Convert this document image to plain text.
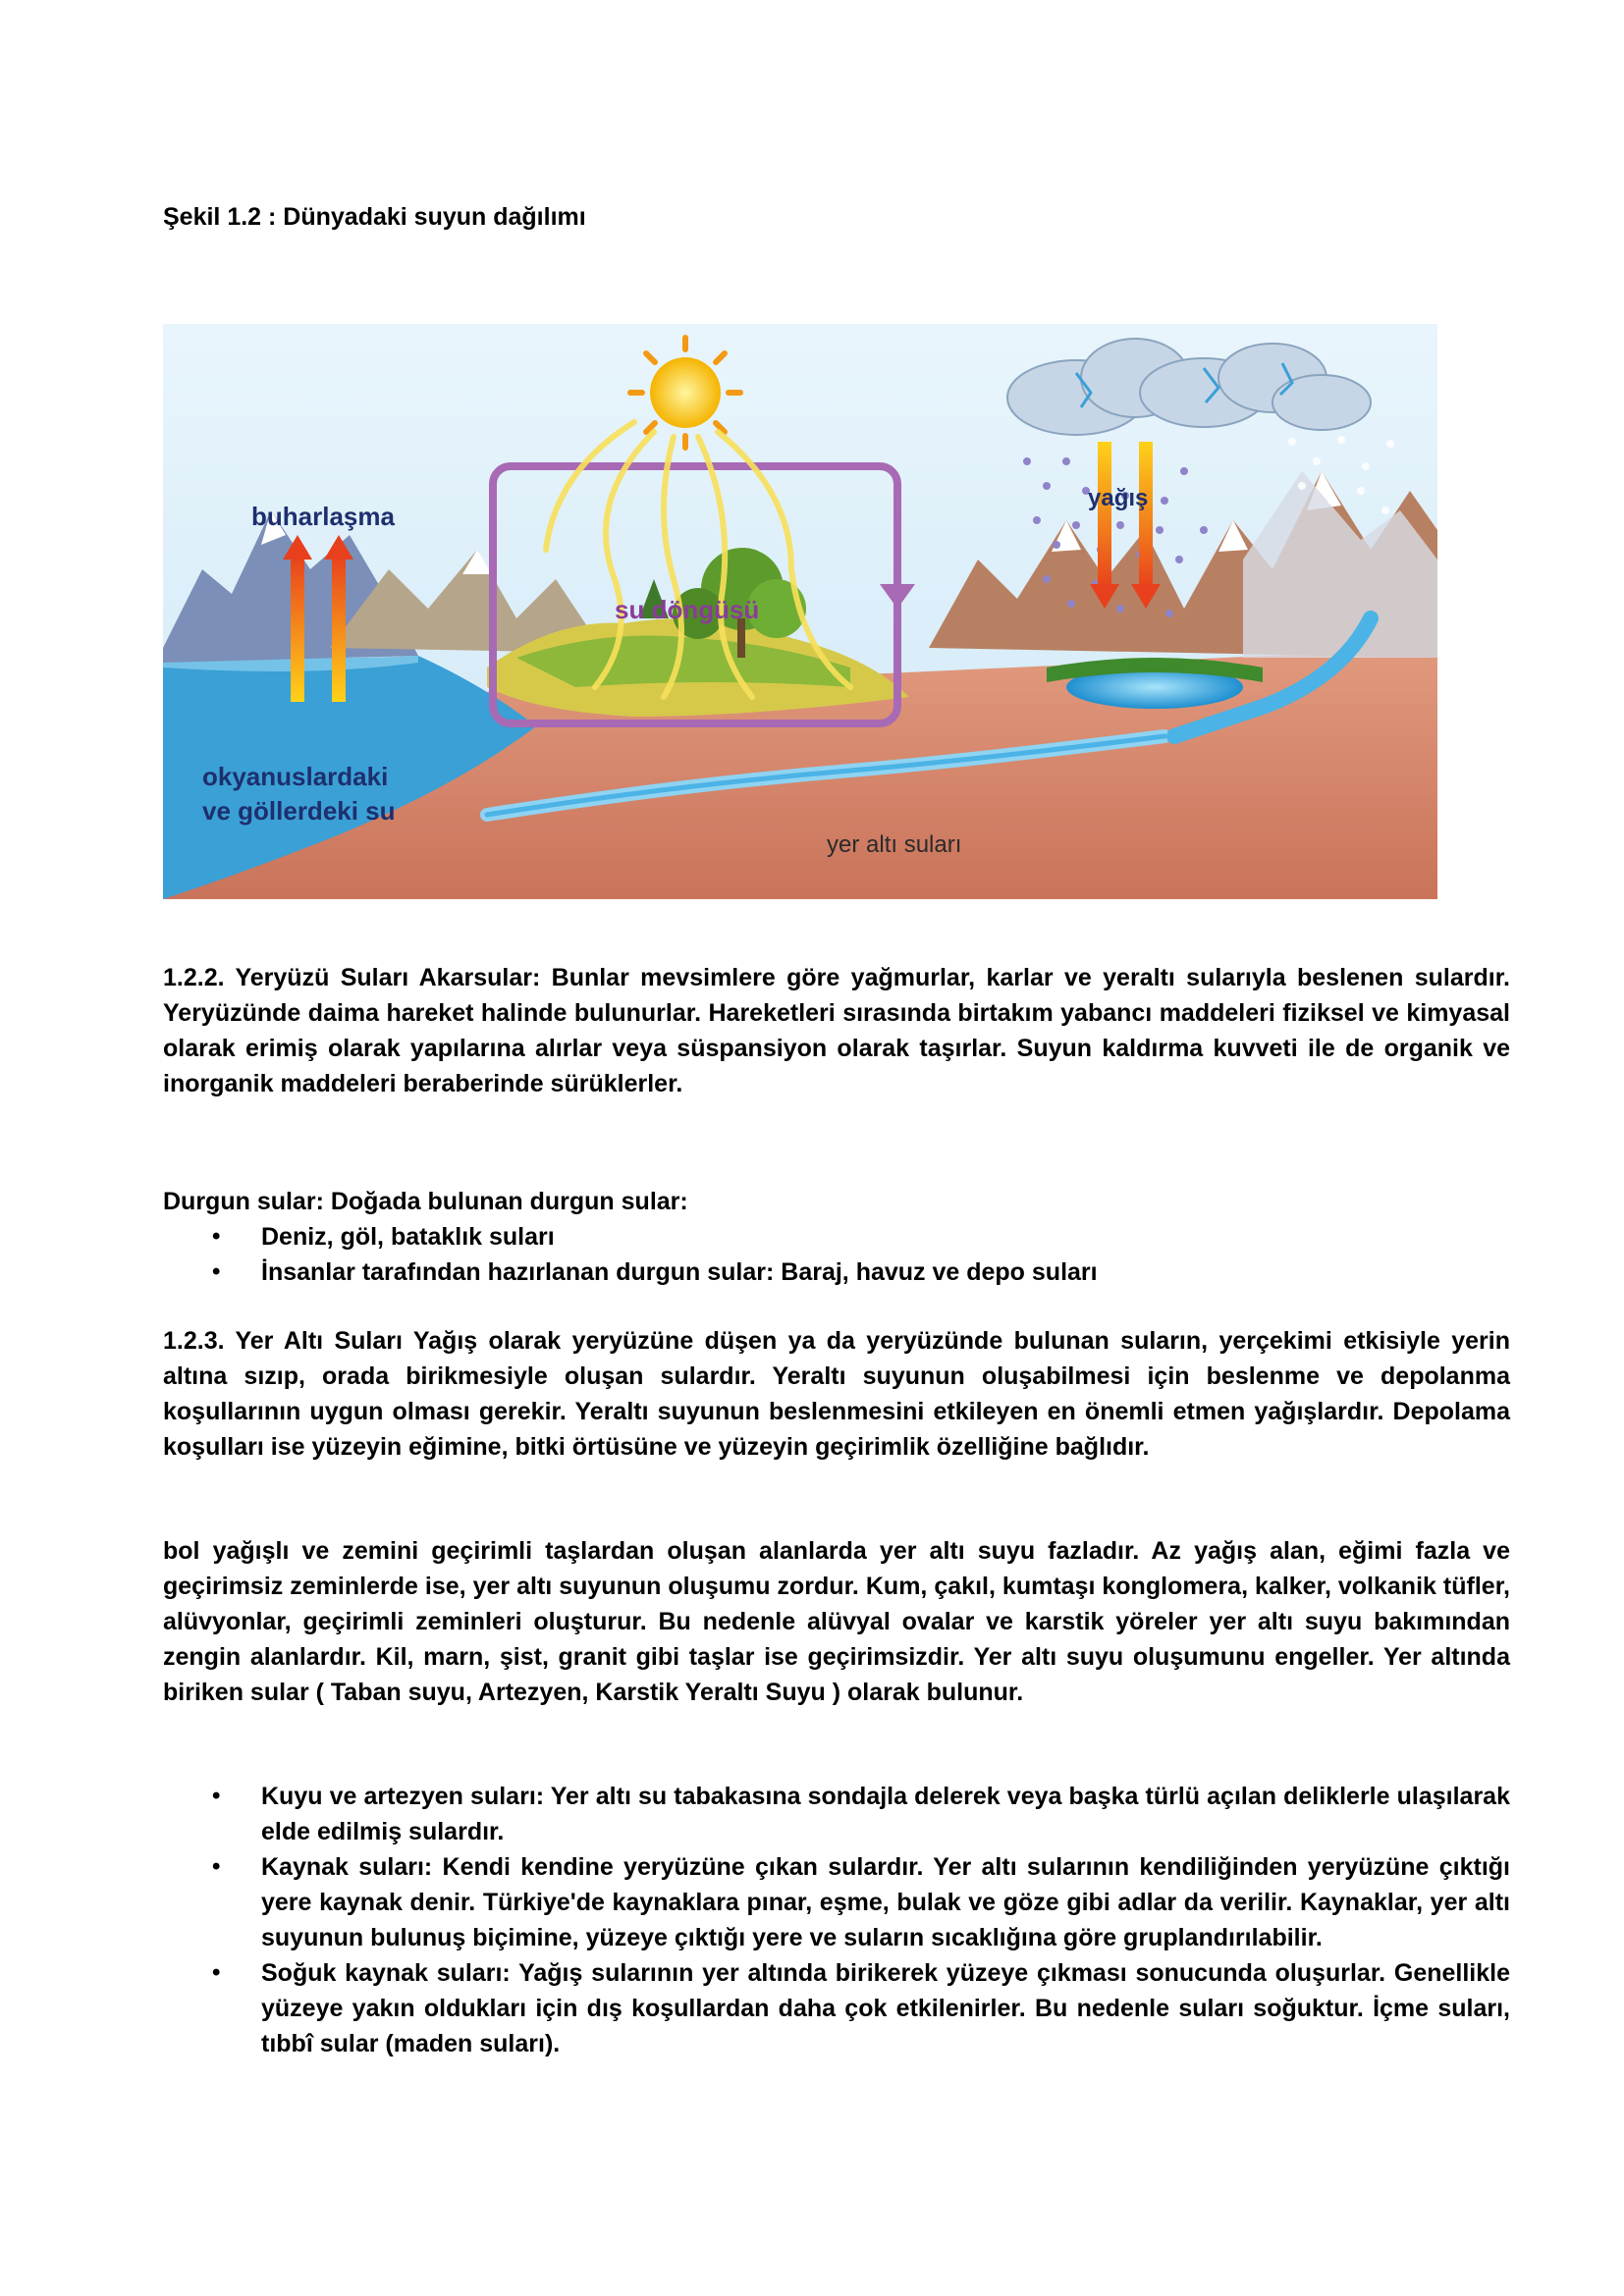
Şekil 1.2 : Dünyadaki suyun dağılımı
buharlaşma
su döngüsü
yağış
okyanuslardaki
ve göllerdeki su
yer altı suları

1.2.2. Yeryüzü Suları Akarsular: Bunlar mevsimlere göre yağmurlar, karlar ve yeraltı sularıyla beslenen sulardır. Yeryüzünde daima hareket halinde bulunurlar. Hareketleri sırasında birtakım yabancı maddeleri fiziksel ve kimyasal olarak erimiş olarak yapılarına alırlar veya süspansiyon olarak taşırlar. Suyun kaldırma kuvveti ile de organik ve inorganik maddeleri beraberinde sürüklerler.

Durgun sular: Doğada bulunan durgun sular:

• Deniz, göl, bataklık suları
• İnsanlar tarafından hazırlanan durgun sular: Baraj, havuz ve depo suları

1.2.3. Yer Altı Suları Yağış olarak yeryüzüne düşen ya da yeryüzünde bulunan suların, yerçekimi etkisiyle yerin altına sızıp, orada birikmesiyle oluşan sulardır. Yeraltı suyunun oluşabilmesi için beslenme ve depolanma koşullarının uygun olması gerekir. Yeraltı suyunun beslenmesini etkileyen en önemli etmen yağışlardır. Depolama koşulları ise yüzeyin eğimine, bitki örtüsüne ve yüzeyin geçirimlik özelliğine bağlıdır.

bol yağışlı ve zemini geçirimli taşlardan oluşan alanlarda yer altı suyu fazladır. Az yağış alan, eğimi fazla ve geçirimsiz zeminlerde ise, yer altı suyunun oluşumu zordur. Kum, çakıl, kumtaşı konglomera, kalker, volkanik tüfler, alüvyonlar, geçirimli zeminleri oluşturur. Bu nedenle alüvyal ovalar ve karstik yöreler yer altı suyu bakımından zengin alanlardır. Kil, marn, şist, granit gibi taşlar ise geçirimsizdir. Yer altı suyu oluşumunu engeller. Yer altında biriken sular ( Taban suyu, Artezyen, Karstik Yeraltı Suyu ) olarak bulunur.

• Kuyu ve artezyen suları: Yer altı su tabakasına sondajla delerek veya başka türlü açılan deliklerle ulaşılarak elde edilmiş sulardır.
• Kaynak suları: Kendi kendine yeryüzüne çıkan sulardır. Yer altı sularının kendiliğinden yeryüzüne çıktığı yere kaynak denir. Türkiye'de kaynaklara pınar, eşme, bulak ve göze gibi adlar da verilir. Kaynaklar, yer altı suyunun bulunuş biçimine, yüzeye çıktığı yere ve suların sıcaklığına göre gruplandırılabilir.
• Soğuk kaynak suları: Yağış sularının yer altında birikerek yüzeye çıkması sonucunda oluşurlar. Genellikle yüzeye yakın oldukları için dış koşullardan daha çok etkilenirler. Bu nedenle suları soğuktur. İçme suları, tıbbî sular (maden suları).
